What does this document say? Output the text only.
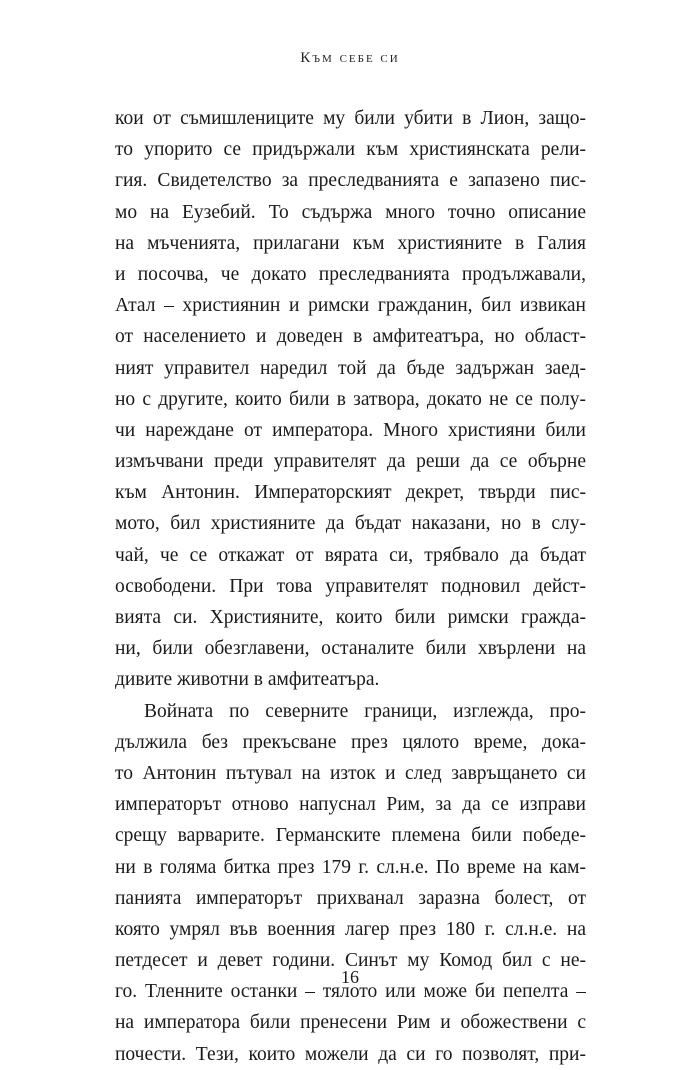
Към себе си
кои от съмишлениците му били убити в Лион, защо-
то упорито се придържали към християнската рели-
гия. Свидетелство за преследванията е запазено пис-
мо на Еузебий. То съдържа много точно описание
на мъченията, прилагани към християните в Галия
и посочва, че докато преследванията продължавали,
Атал – християнин и римски гражданин, бил извикан
от населението и доведен в амфитеатъра, но област-
ният управител наредил той да бъде задържан заед-
но с другите, които били в затвора, докато не се полу-
чи нареждане от императора. Много християни били
измъчвани преди управителят да реши да се обърне
към Антонин. Императорският декрет, твърди пис-
мото, бил християните да бъдат наказани, но в слу-
чай, че се откажат от вярата си, трябвало да бъдат
освободени. При това управителят подновил дейст-
вията си. Християните, които били римски гражда-
ни, били обезглавени, останалите били хвърлени на
дивите животни в амфитеатъра.
Войната по северните граници, изглежда, про-
дължила без прекъсване през цялото време, дока-
то Антонин пътувал на изток и след завръщането си
императорът отново напуснал Рим, за да се изправи
срещу варварите. Германските племена били победе-
ни в голяма битка през 179 г. сл.н.е. По време на кам-
панията императорът прихванал заразна болест, от
която умрял във военния лагер през 180 г. сл.н.е. на
петдесет и девет години. Синът му Комод бил с не-
го. Тленните останки – тялото или може би пепелта –
на императора били пренесени Рим и обожествени с
почести. Тези, които можели да си го позволят, при-
16
